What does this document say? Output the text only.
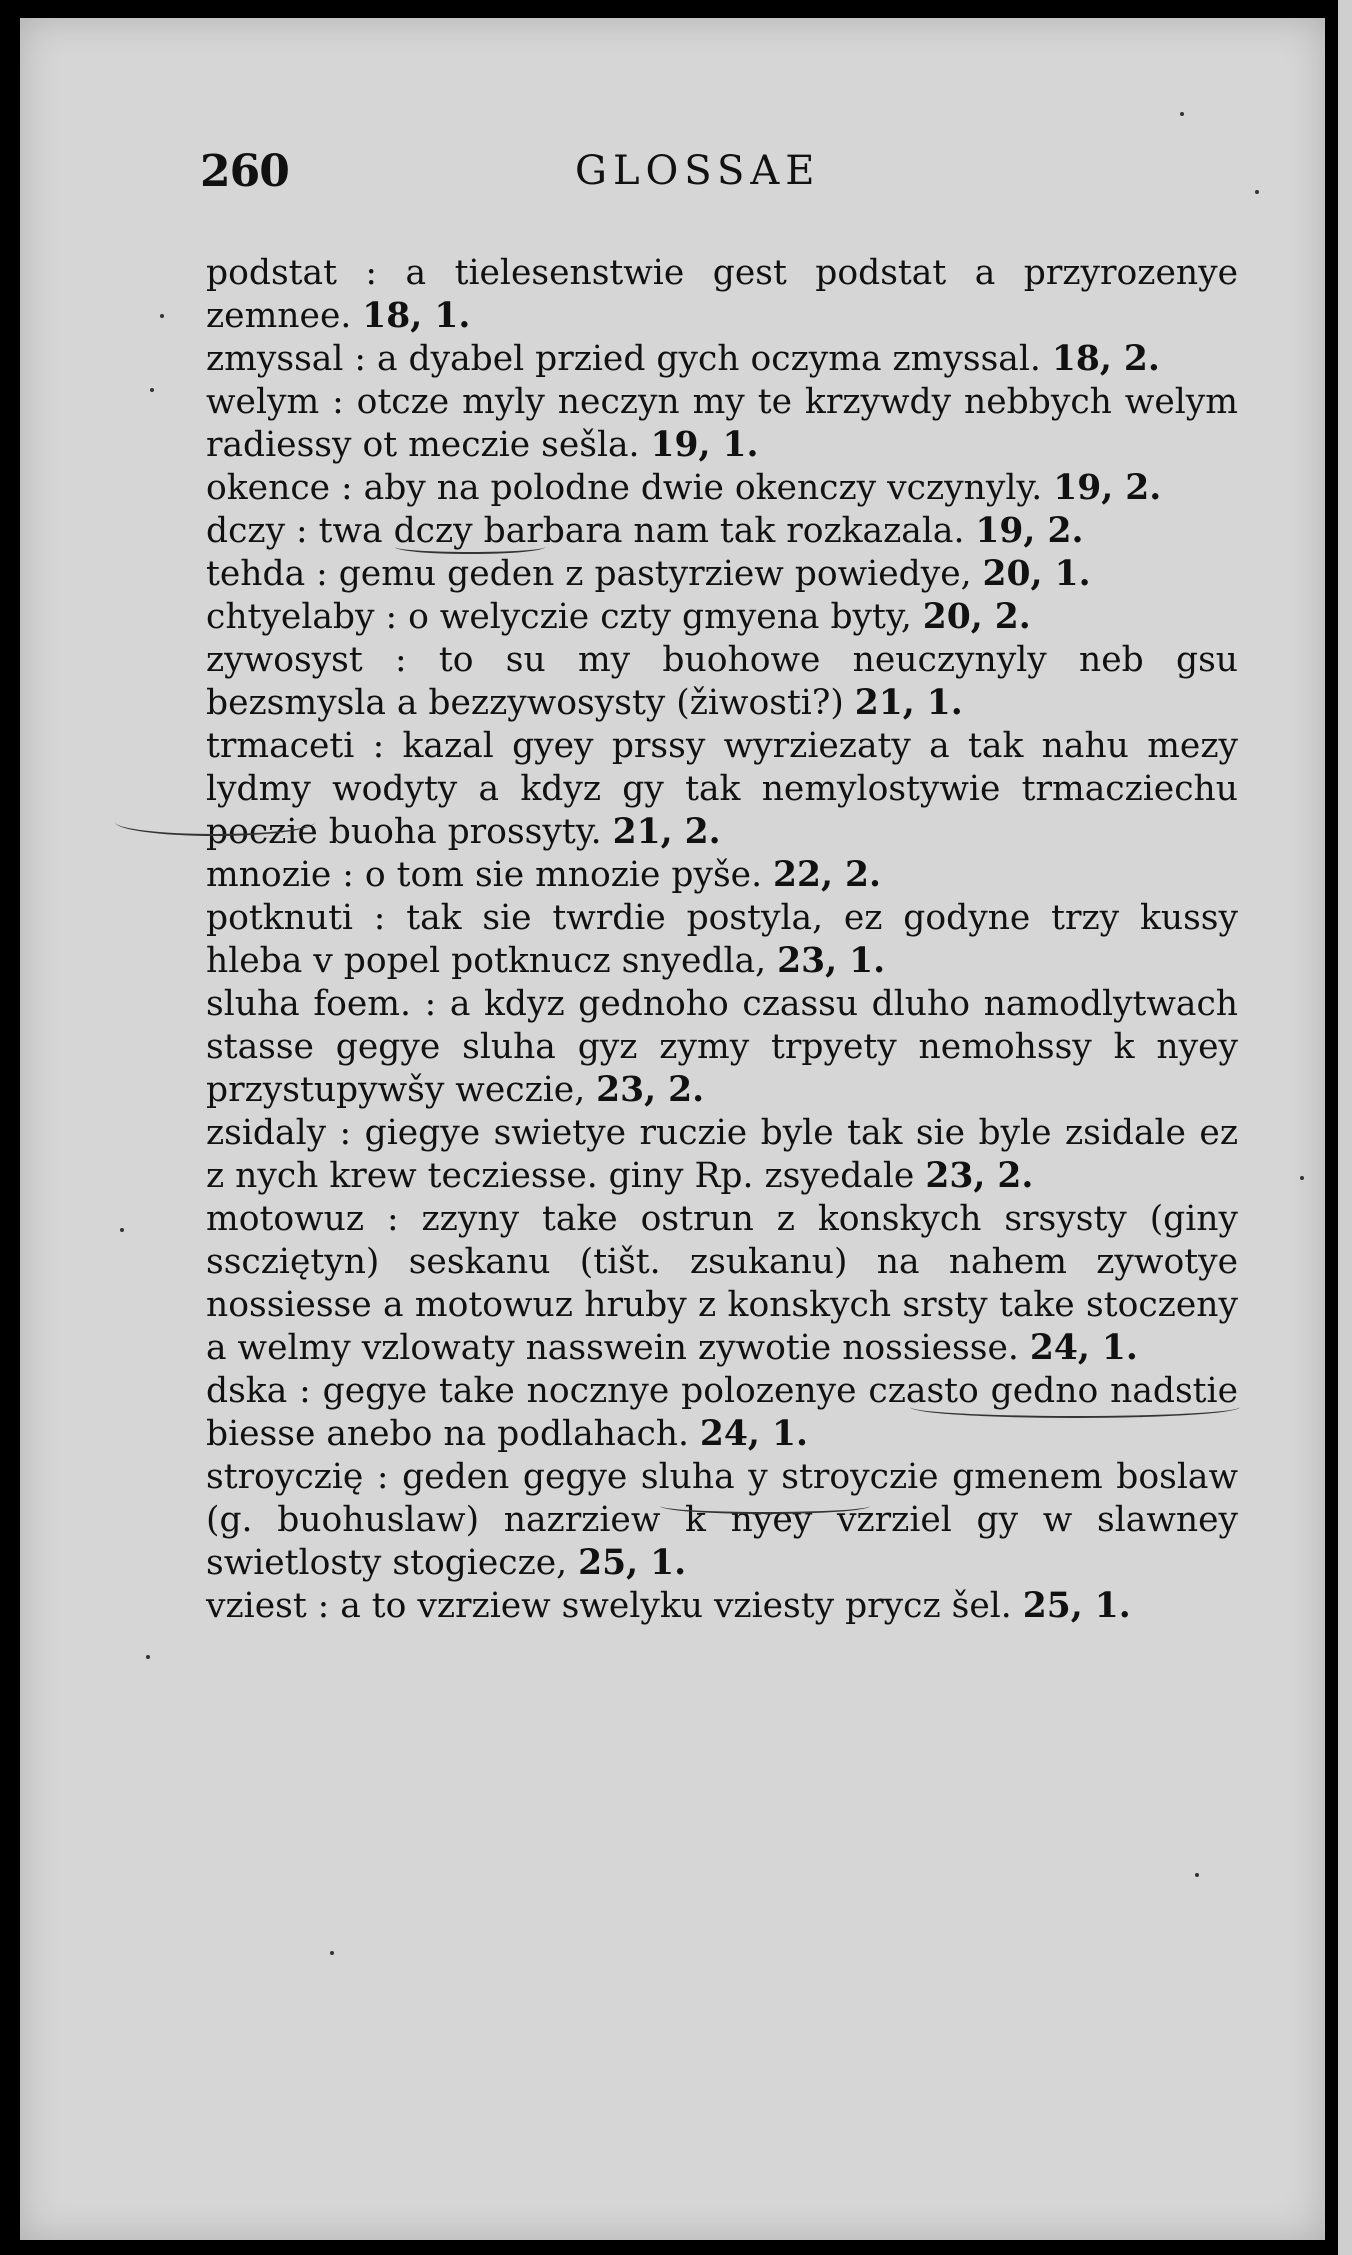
260	GLOSSAE

podstat : a tielesenstwie gest podstat a przyrozenye zemnee. 18, 1.

zmyssal : a dyabel przied gych oczyma zmyssal. 18, 2.

welym : otcze myly neczyn my te krzywdy nebbych welym radiessy ot meczie sešla. 19, 1.

okence : aby na polodne dwie okenczy vczynyly. 19, 2.

dczy : twa dczy barbara nam tak rozkazala. 19, 2.

tehda : gemu geden z pastyrziew powiedye, 20, 1.

chtyelaby : o welyczie czty gmyena byty, 20, 2.

zywosyst : to su my buohowe neuczynyly neb gsu bezsmysla a bezzywosysty (žiwosti?) 21, 1.

trmaceti : kazal gyey prssy wyrziezaty a tak nahu mezy lydmy wodyty a kdyz gy tak nemylostywie trmacziechu poczie buoha prossyty. 21, 2.

mnozie : o tom sie mnozie pyše. 22, 2.

potknuti : tak sie twrdie postyla, ez godyne trzy kussy hleba v popel potknucz snyedla, 23, 1.

sluha foem. : a kdyz gednoho czassu dluho namodlytwach stasse gegye sluha gyz zymy trpyety nemohssy k nyey przystupywšy weczie, 23, 2.

zsidaly : giegye swietye ruczie byle tak sie byle zsidale ez z nych krew tecziesse. giny Rp. zsyedale 23, 2.

motowuz : zzyny take ostrun z konskych srsysty (giny sscziętyn) seskanu (tišt. zsukanu) na nahem zywotye nossiesse a motowuz hruby z konskych srsty take stoczeny a welmy vzlowaty nasswein zywotie nossiesse. 24, 1.

dska : gegye take nocznye polozenye czasto gedno nadstie biesse anebo na podlahach. 24, 1.

stroyczię : geden gegye sluha y stroyczie gmenem boslaw (g. buohuslaw) nazrziew k nyey vzrziel gy w slawney swietlosty stogiecze, 25, 1.

vziest : a to vzrziew swelyku vziesty prycz šel. 25, 1.
